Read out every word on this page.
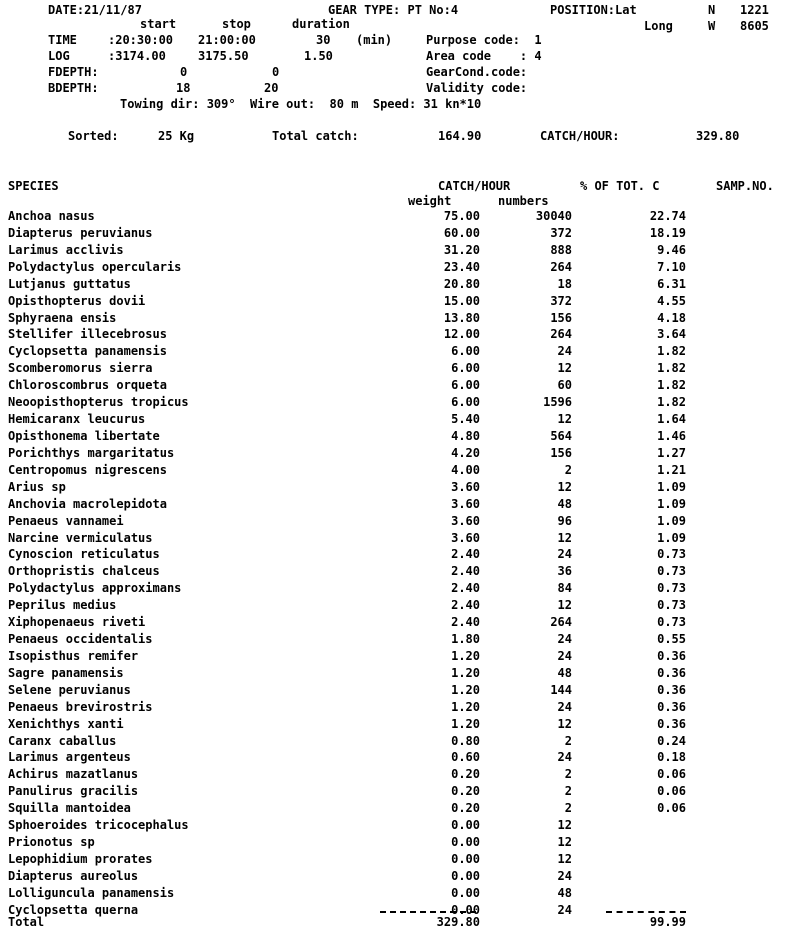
DATE:21/11/87	GEAR TYPE: PT No:4	POSITION:Lat	N 1221
Long	W 8605
start	stop	duration
TIME	:20:30:00 21:00:00	30 (min)
LOG	:3174.00	3175.50	1.50
FDEPTH:	0	0
BDEPTH:	18	20
Purpose code:  1
Area code    : 4
GearCond.code:
Validity code:
Towing dir: 309°  Wire out:  80 m  Speed: 31 kn*10
Sorted:	25 Kg	Total catch:	164.90	CATCH/HOUR:	329.80
SPECIES	CATCH/HOUR	% OF TOT. C	SAMP.NO.
weight	numbers
Anchoa nasus	75.00	30040	22.74
Diapterus peruvianus	60.00	372	18.19
Larimus acclivis	31.20	888	9.46
Polydactylus opercularis	23.40	264	7.10
Lutjanus guttatus	20.80	18	6.31
Opisthopterus dovii	15.00	372	4.55
Sphyraena ensis	13.80	156	4.18
Stellifer illecebrosus	12.00	264	3.64
Cyclopsetta panamensis	6.00	24	1.82
Scomberomorus sierra	6.00	12	1.82
Chloroscombrus orqueta	6.00	60	1.82
Neoopisthopterus tropicus	6.00	1596	1.82
Hemicaranx leucurus	5.40	12	1.64
Opisthonema libertate	4.80	564	1.46
Porichthys margaritatus	4.20	156	1.27
Centropomus nigrescens	4.00	2	1.21
Arius sp	3.60	12	1.09
Anchovia macrolepidota	3.60	48	1.09
Penaeus vannamei	3.60	96	1.09
Narcine vermiculatus	3.60	12	1.09
Cynoscion reticulatus	2.40	24	0.73
Orthopristis chalceus	2.40	36	0.73
Polydactylus approximans	2.40	84	0.73
Peprilus medius	2.40	12	0.73
Xiphopenaeus riveti	2.40	264	0.73
Penaeus occidentalis	1.80	24	0.55
Isopisthus remifer	1.20	24	0.36
Sagre panamensis	1.20	48	0.36
Selene peruvianus	1.20	144	0.36
Penaeus brevirostris	1.20	24	0.36
Xenichthys xanti	1.20	12	0.36
Caranx caballus	0.80	2	0.24
Larimus argenteus	0.60	24	0.18
Achirus mazatlanus	0.20	2	0.06
Panulirus gracilis	0.20	2	0.06
Squilla mantoidea	0.20	2	0.06
Sphoeroides tricocephalus	0.00	12
Prionotus sp	0.00	12
Lepophidium prorates	0.00	12
Diapterus aureolus	0.00	24
Lolliguncula panamensis	0.00	48
Cyclopsetta querna	0.00	24
Total	329.80	99.99
